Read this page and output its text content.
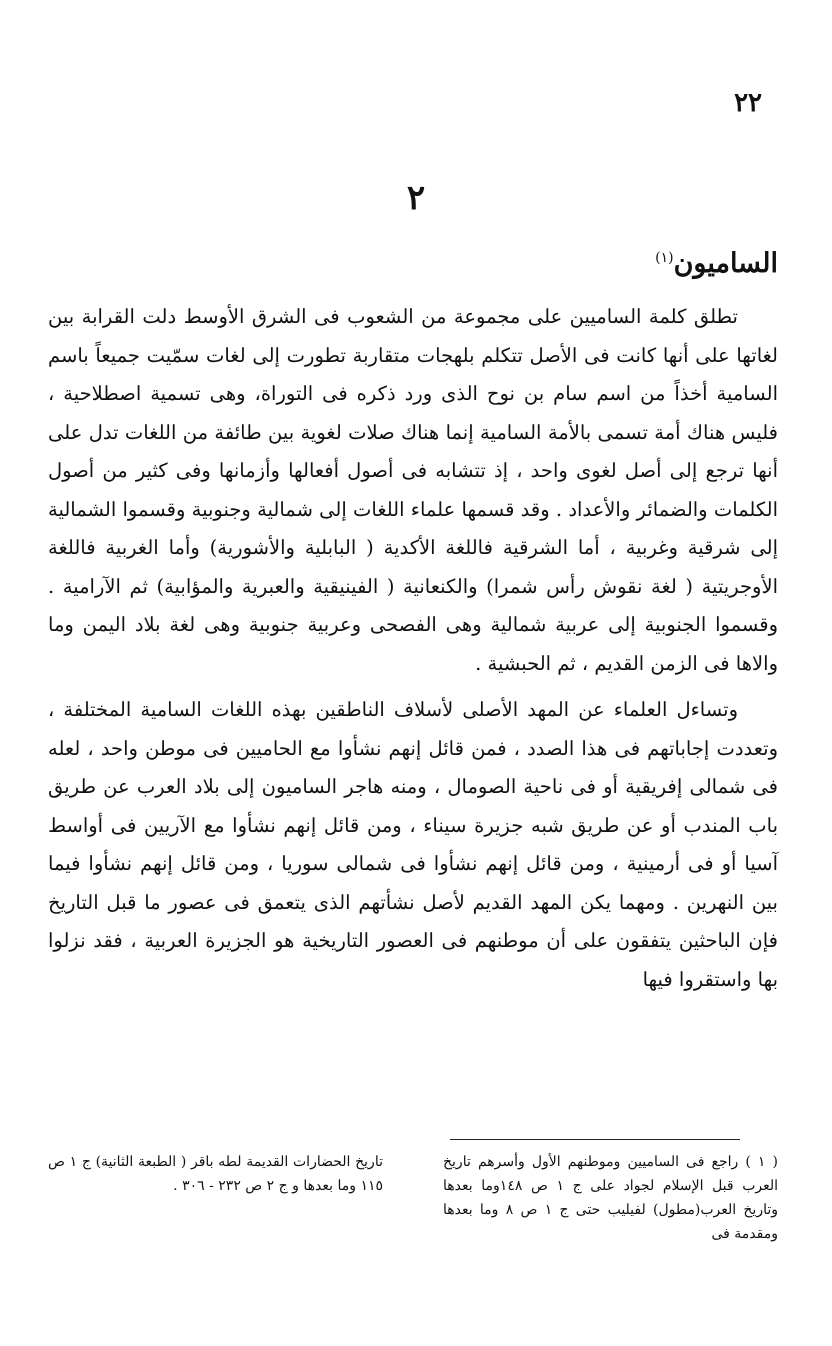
٢٢
٢
الساميون$^{(١)}$

تطلق كلمة الساميين على مجموعة من الشعوب فى الشرق الأوسط دلت القرابة بين لغاتها على أنها كانت فى الأصل تتكلم بلهجات متقاربة تطورت إلى لغات سمّيت جميعاً باسم السامية أخذاً من اسم سام بن نوح الذى ورد ذكره فى التوراة، وهى تسمية اصطلاحية ، فليس هناك أمة تسمى بالأمة السامية إنما هناك صلات لغوية بين طائفة من اللغات تدل على أنها ترجع إلى أصل لغوى واحد ، إذ تتشابه فى أصول أفعالها وأزمانها وفى كثير من أصول الكلمات والضمائر والأعداد . وقد قسمها علماء اللغات إلى شمالية وجنوبية وقسموا الشمالية إلى شرقية وغربية ، أما الشرقية فاللغة الأكدية ( البابلية والأشورية) وأما الغربية فاللغة الأوجريتية ( لغة نقوش رأس شمرا) والكنعانية ( الفينيقية والعبرية والمؤابية) ثم الآرامية . وقسموا الجنوبية إلى عربية شمالية وهى الفصحى وعربية جنوبية وهى لغة بلاد اليمن وما والاها فى الزمن القديم ، ثم الحبشية .

وتساءل العلماء عن المهد الأصلى لأسلاف الناطقين بهذه اللغات السامية المختلفة ، وتعددت إجاباتهم فى هذا الصدد ، فمن قائل إنهم نشأوا مع الحاميين فى موطن واحد ، لعله فى شمالى إفريقية أو فى ناحية الصومال ، ومنه هاجر الساميون إلى بلاد العرب عن طريق باب المندب أو عن طريق شبه جزيرة سيناء ، ومن قائل إنهم نشأوا مع الآريين فى أواسط آسيا أو فى أرمينية ، ومن قائل إنهم نشأوا فى شمالى سوريا ، ومن قائل إنهم نشأوا فيما بين النهرين . ومهما يكن المهد القديم لأصل نشأتهم الذى يتعمق فى عصور ما قبل التاريخ فإن الباحثين يتفقون على أن موطنهم فى العصور التاريخية هو الجزيرة العربية ، فقد نزلوا بها واستقروا فيها

( ١ ) راجع فى الساميين وموطنهم الأول وأسرهم تاريخ العرب قبل الإسلام لجواد على ج ١ ص ١٤٨وما بعدها وتاريخ العرب(مطول) لفيليب حتى ج ١ ص ٨ وما بعدها ومقدمة فى

تاريخ الحضارات القديمة لطه باقر ( الطبعة الثانية) ج ١ ص ١١٥ وما بعدها و ج ٢ ص ٢٣٢ - ٣٠٦ .
